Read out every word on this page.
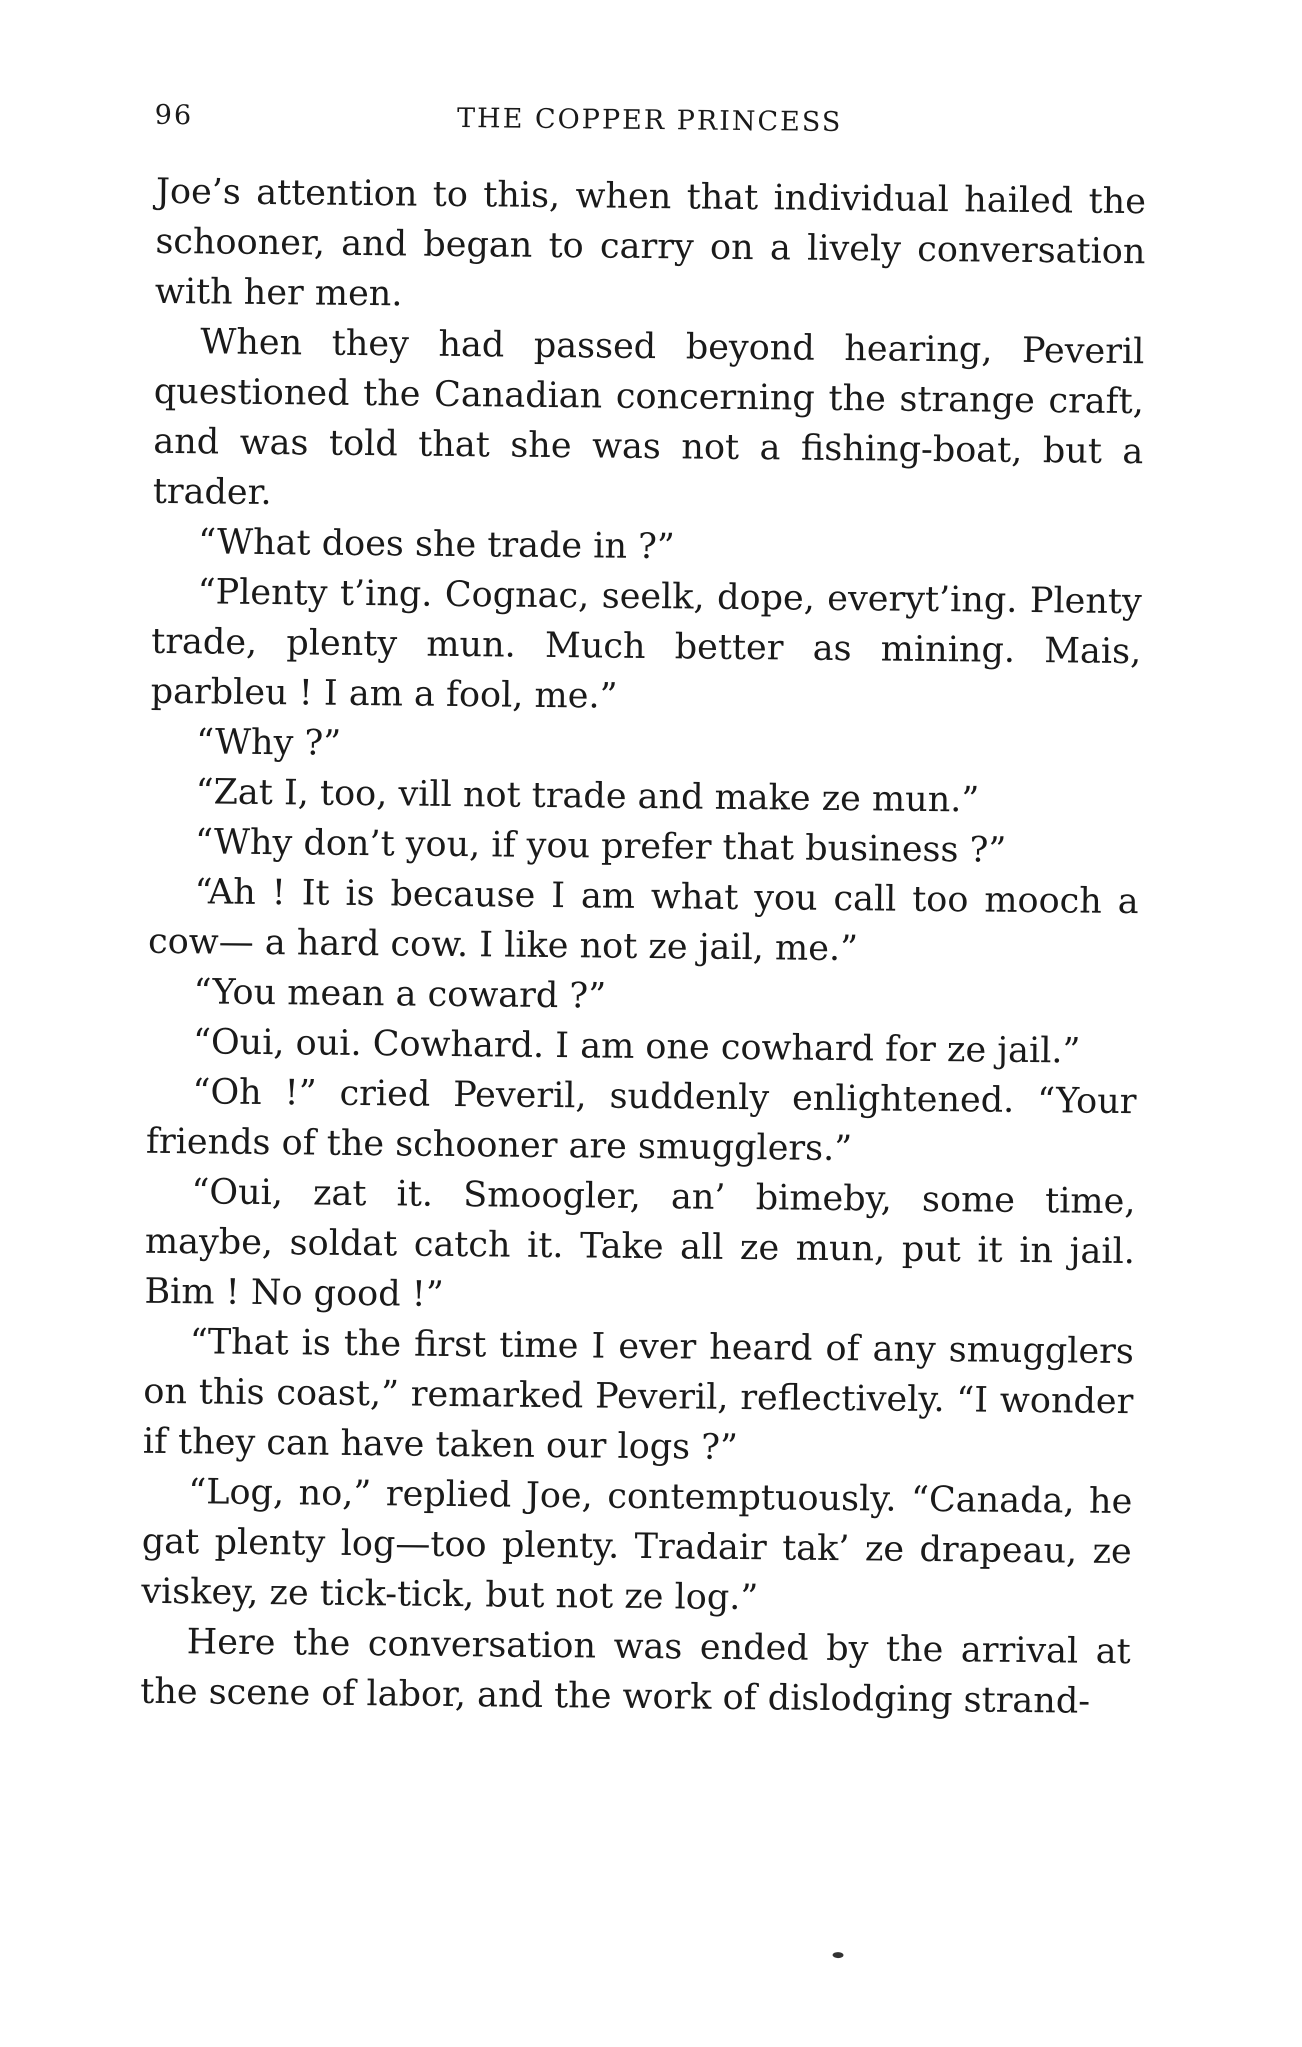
96	THE COPPER PRINCESS

Joe’s attention to this, when that individual hailed the schooner, and began to carry on a lively conversation with her men.

When they had passed beyond hearing, Peveril questioned the Canadian concerning the strange craft, and was told that she was not a fishing-boat, but a trader.

“What does she trade in ?”

“Plenty t’ing. Cognac, seelk, dope, everyt’ing. Plenty trade, plenty mun. Much better as mining. Mais, parbleu ! I am a fool, me.”

“Why ?”

“Zat I, too, vill not trade and make ze mun.”

“Why don’t you, if you prefer that business ?”

“Ah ! It is because I am what you call too mooch a cow— a hard cow. I like not ze jail, me.”

“You mean a coward ?”

“Oui, oui. Cowhard. I am one cowhard for ze jail.”

“Oh !” cried Peveril, suddenly enlightened. “Your friends of the schooner are smugglers.”

“Oui, zat it. Smoogler, an’ bimeby, some time, maybe, soldat catch it. Take all ze mun, put it in jail. Bim ! No good !”

“That is the first time I ever heard of any smugglers on this coast,” remarked Peveril, reflectively. “I wonder if they can have taken our logs ?”

“Log, no,” replied Joe, contemptuously. “Canada, he gat plenty log—too plenty. Tradair tak’ ze drapeau, ze viskey, ze tick-tick, but not ze log.”

Here the conversation was ended by the arrival at the scene of labor, and the work of dislodging strand-
